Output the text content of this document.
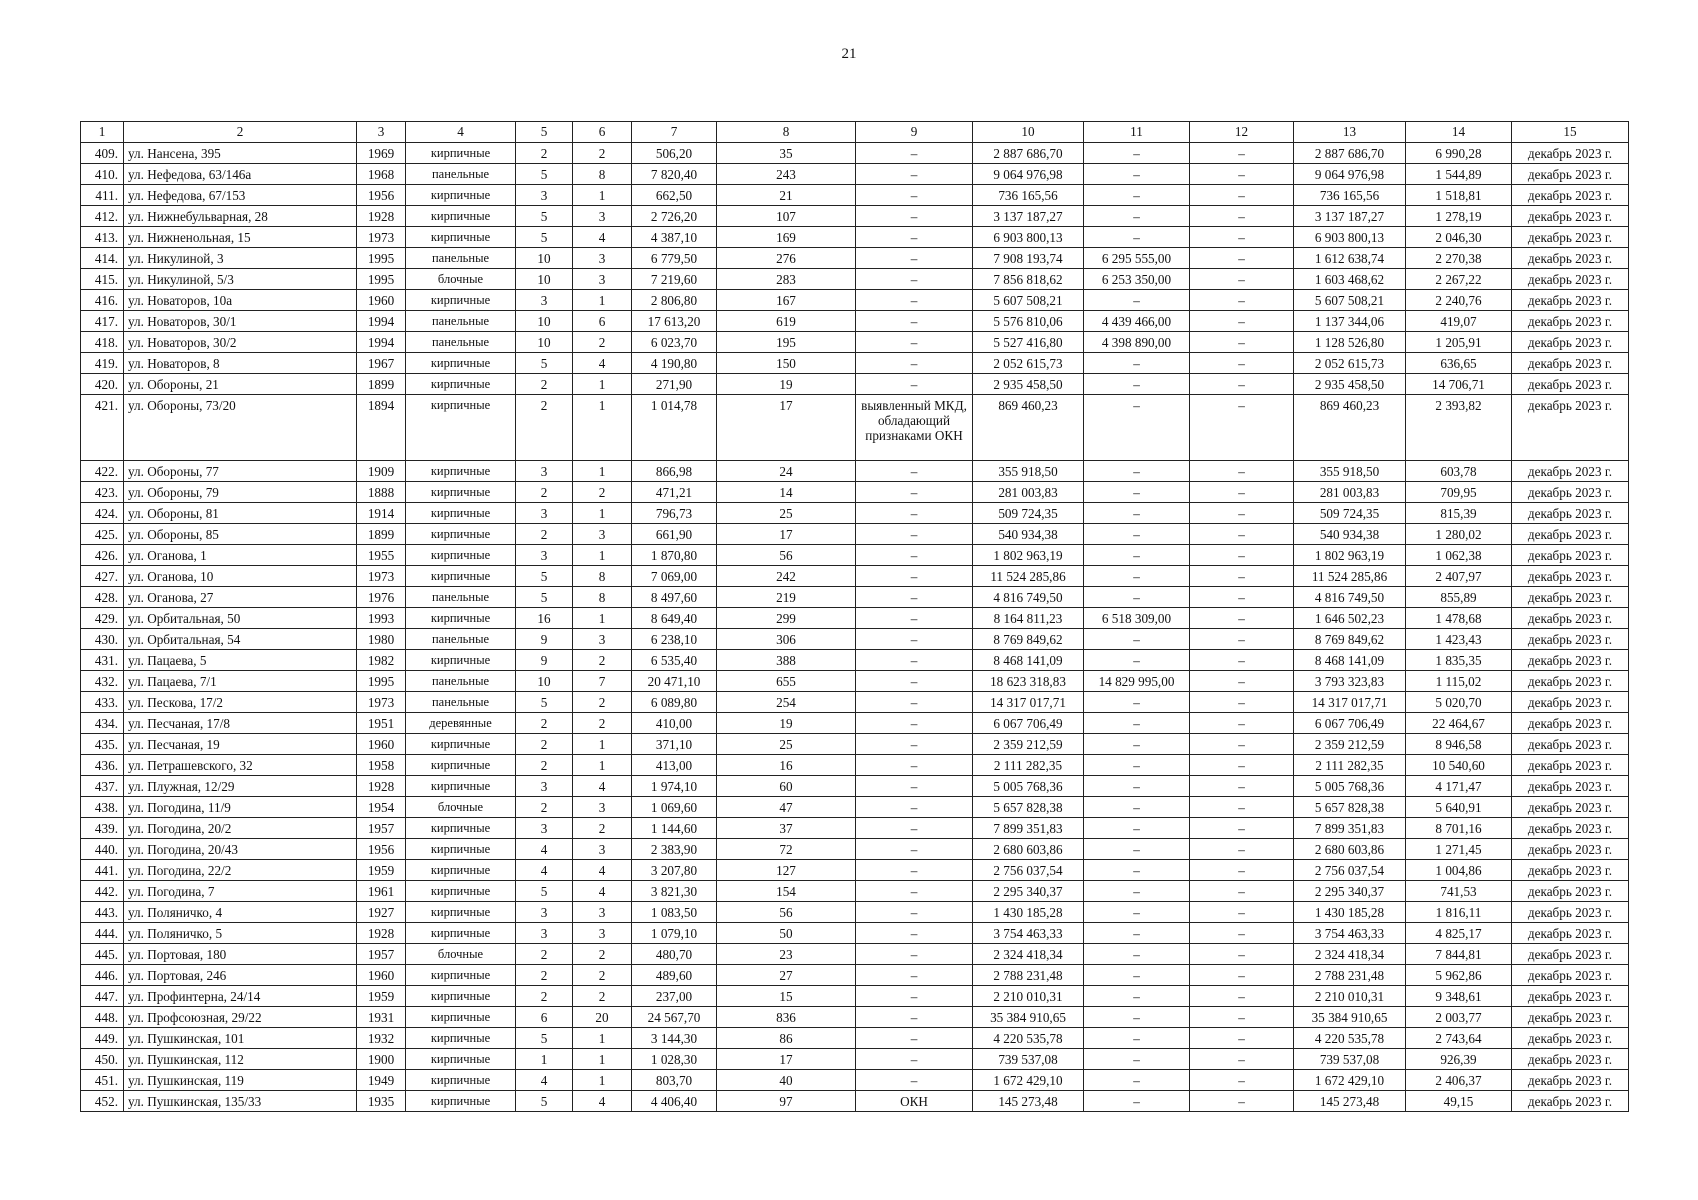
21
1	2	3	4	5	6	7	8	9	10	11	12	13	14	15
409.	ул. Нансена, 395	1969	кирпичные	2	2	506,20	35	–	2 887 686,70	–	–	2 887 686,70	6 990,28	декабрь 2023 г.
410.	ул. Нефедова, 63/146а	1968	панельные	5	8	7 820,40	243	–	9 064 976,98	–	–	9 064 976,98	1 544,89	декабрь 2023 г.
411.	ул. Нефедова, 67/153	1956	кирпичные	3	1	662,50	21	–	736 165,56	–	–	736 165,56	1 518,81	декабрь 2023 г.
412.	ул. Нижнебульварная, 28	1928	кирпичные	5	3	2 726,20	107	–	3 137 187,27	–	–	3 137 187,27	1 278,19	декабрь 2023 г.
413.	ул. Нижненольная, 15	1973	кирпичные	5	4	4 387,10	169	–	6 903 800,13	–	–	6 903 800,13	2 046,30	декабрь 2023 г.
414.	ул. Никулиной, 3	1995	панельные	10	3	6 779,50	276	–	7 908 193,74	6 295 555,00	–	1 612 638,74	2 270,38	декабрь 2023 г.
415.	ул. Никулиной, 5/3	1995	блочные	10	3	7 219,60	283	–	7 856 818,62	6 253 350,00	–	1 603 468,62	2 267,22	декабрь 2023 г.
416.	ул. Новаторов, 10а	1960	кирпичные	3	1	2 806,80	167	–	5 607 508,21	–	–	5 607 508,21	2 240,76	декабрь 2023 г.
417.	ул. Новаторов, 30/1	1994	панельные	10	6	17 613,20	619	–	5 576 810,06	4 439 466,00	–	1 137 344,06	419,07	декабрь 2023 г.
418.	ул. Новаторов, 30/2	1994	панельные	10	2	6 023,70	195	–	5 527 416,80	4 398 890,00	–	1 128 526,80	1 205,91	декабрь 2023 г.
419.	ул. Новаторов, 8	1967	кирпичные	5	4	4 190,80	150	–	2 052 615,73	–	–	2 052 615,73	636,65	декабрь 2023 г.
420.	ул. Обороны, 21	1899	кирпичные	2	1	271,90	19	–	2 935 458,50	–	–	2 935 458,50	14 706,71	декабрь 2023 г.
421.	ул. Обороны, 73/20	1894	кирпичные	2	1	1 014,78	17	выявленный МКД, обладающий признаками ОКН	869 460,23	–	–	869 460,23	2 393,82	декабрь 2023 г.
422.	ул. Обороны, 77	1909	кирпичные	3	1	866,98	24	–	355 918,50	–	–	355 918,50	603,78	декабрь 2023 г.
423.	ул. Обороны, 79	1888	кирпичные	2	2	471,21	14	–	281 003,83	–	–	281 003,83	709,95	декабрь 2023 г.
424.	ул. Обороны, 81	1914	кирпичные	3	1	796,73	25	–	509 724,35	–	–	509 724,35	815,39	декабрь 2023 г.
425.	ул. Обороны, 85	1899	кирпичные	2	3	661,90	17	–	540 934,38	–	–	540 934,38	1 280,02	декабрь 2023 г.
426.	ул. Оганова, 1	1955	кирпичные	3	1	1 870,80	56	–	1 802 963,19	–	–	1 802 963,19	1 062,38	декабрь 2023 г.
427.	ул. Оганова, 10	1973	кирпичные	5	8	7 069,00	242	–	11 524 285,86	–	–	11 524 285,86	2 407,97	декабрь 2023 г.
428.	ул. Оганова, 27	1976	панельные	5	8	8 497,60	219	–	4 816 749,50	–	–	4 816 749,50	855,89	декабрь 2023 г.
429.	ул. Орбитальная, 50	1993	кирпичные	16	1	8 649,40	299	–	8 164 811,23	6 518 309,00	–	1 646 502,23	1 478,68	декабрь 2023 г.
430.	ул. Орбитальная, 54	1980	панельные	9	3	6 238,10	306	–	8 769 849,62	–	–	8 769 849,62	1 423,43	декабрь 2023 г.
431.	ул. Пацаева, 5	1982	кирпичные	9	2	6 535,40	388	–	8 468 141,09	–	–	8 468 141,09	1 835,35	декабрь 2023 г.
432.	ул. Пацаева, 7/1	1995	панельные	10	7	20 471,10	655	–	18 623 318,83	14 829 995,00	–	3 793 323,83	1 115,02	декабрь 2023 г.
433.	ул. Пескова, 17/2	1973	панельные	5	2	6 089,80	254	–	14 317 017,71	–	–	14 317 017,71	5 020,70	декабрь 2023 г.
434.	ул. Песчаная, 17/8	1951	деревянные	2	2	410,00	19	–	6 067 706,49	–	–	6 067 706,49	22 464,67	декабрь 2023 г.
435.	ул. Песчаная, 19	1960	кирпичные	2	1	371,10	25	–	2 359 212,59	–	–	2 359 212,59	8 946,58	декабрь 2023 г.
436.	ул. Петрашевского, 32	1958	кирпичные	2	1	413,00	16	–	2 111 282,35	–	–	2 111 282,35	10 540,60	декабрь 2023 г.
437.	ул. Плужная, 12/29	1928	кирпичные	3	4	1 974,10	60	–	5 005 768,36	–	–	5 005 768,36	4 171,47	декабрь 2023 г.
438.	ул. Погодина, 11/9	1954	блочные	2	3	1 069,60	47	–	5 657 828,38	–	–	5 657 828,38	5 640,91	декабрь 2023 г.
439.	ул. Погодина, 20/2	1957	кирпичные	3	2	1 144,60	37	–	7 899 351,83	–	–	7 899 351,83	8 701,16	декабрь 2023 г.
440.	ул. Погодина, 20/43	1956	кирпичные	4	3	2 383,90	72	–	2 680 603,86	–	–	2 680 603,86	1 271,45	декабрь 2023 г.
441.	ул. Погодина, 22/2	1959	кирпичные	4	4	3 207,80	127	–	2 756 037,54	–	–	2 756 037,54	1 004,86	декабрь 2023 г.
442.	ул. Погодина, 7	1961	кирпичные	5	4	3 821,30	154	–	2 295 340,37	–	–	2 295 340,37	741,53	декабрь 2023 г.
443.	ул. Поляничко, 4	1927	кирпичные	3	3	1 083,50	56	–	1 430 185,28	–	–	1 430 185,28	1 816,11	декабрь 2023 г.
444.	ул. Поляничко, 5	1928	кирпичные	3	3	1 079,10	50	–	3 754 463,33	–	–	3 754 463,33	4 825,17	декабрь 2023 г.
445.	ул. Портовая, 180	1957	блочные	2	2	480,70	23	–	2 324 418,34	–	–	2 324 418,34	7 844,81	декабрь 2023 г.
446.	ул. Портовая, 246	1960	кирпичные	2	2	489,60	27	–	2 788 231,48	–	–	2 788 231,48	5 962,86	декабрь 2023 г.
447.	ул. Профинтерна, 24/14	1959	кирпичные	2	2	237,00	15	–	2 210 010,31	–	–	2 210 010,31	9 348,61	декабрь 2023 г.
448.	ул. Профсоюзная, 29/22	1931	кирпичные	6	20	24 567,70	836	–	35 384 910,65	–	–	35 384 910,65	2 003,77	декабрь 2023 г.
449.	ул. Пушкинская, 101	1932	кирпичные	5	1	3 144,30	86	–	4 220 535,78	–	–	4 220 535,78	2 743,64	декабрь 2023 г.
450.	ул. Пушкинская, 112	1900	кирпичные	1	1	1 028,30	17	–	739 537,08	–	–	739 537,08	926,39	декабрь 2023 г.
451.	ул. Пушкинская, 119	1949	кирпичные	4	1	803,70	40	–	1 672 429,10	–	–	1 672 429,10	2 406,37	декабрь 2023 г.
452.	ул. Пушкинская, 135/33	1935	кирпичные	5	4	4 406,40	97	ОКН	145 273,48	–	–	145 273,48	49,15	декабрь 2023 г.
